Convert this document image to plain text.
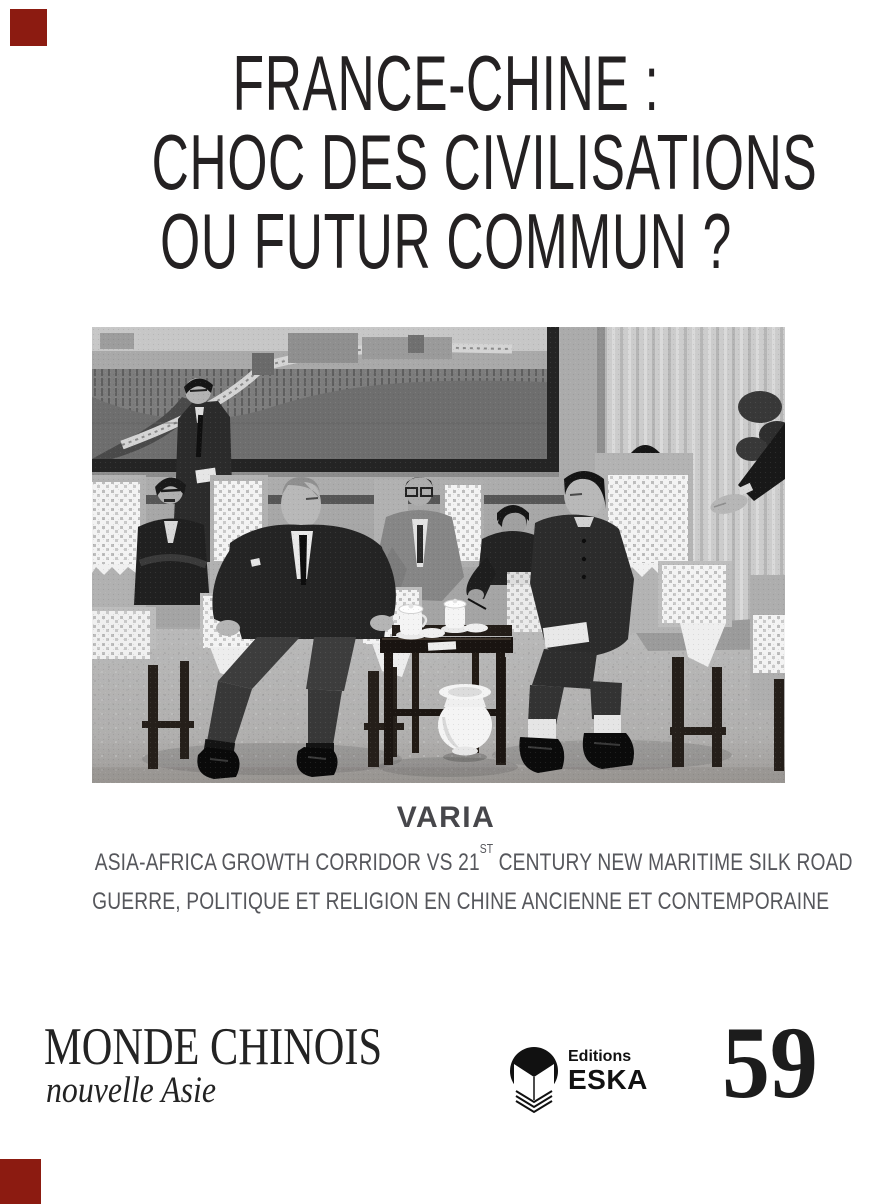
FRANCE-CHINE :
CHOC DES CIVILISATIONS
OU FUTUR COMMUN ?
VARIA
ASIA-AFRICA GROWTH CORRIDOR VS 21ST CENTURY NEW MARITIME SILK ROAD
GUERRE, POLITIQUE ET RELIGION EN CHINE ANCIENNE ET CONTEMPORAINE
MONDE CHINOIS
nouvelle Asie
Editions
ESKA 59
